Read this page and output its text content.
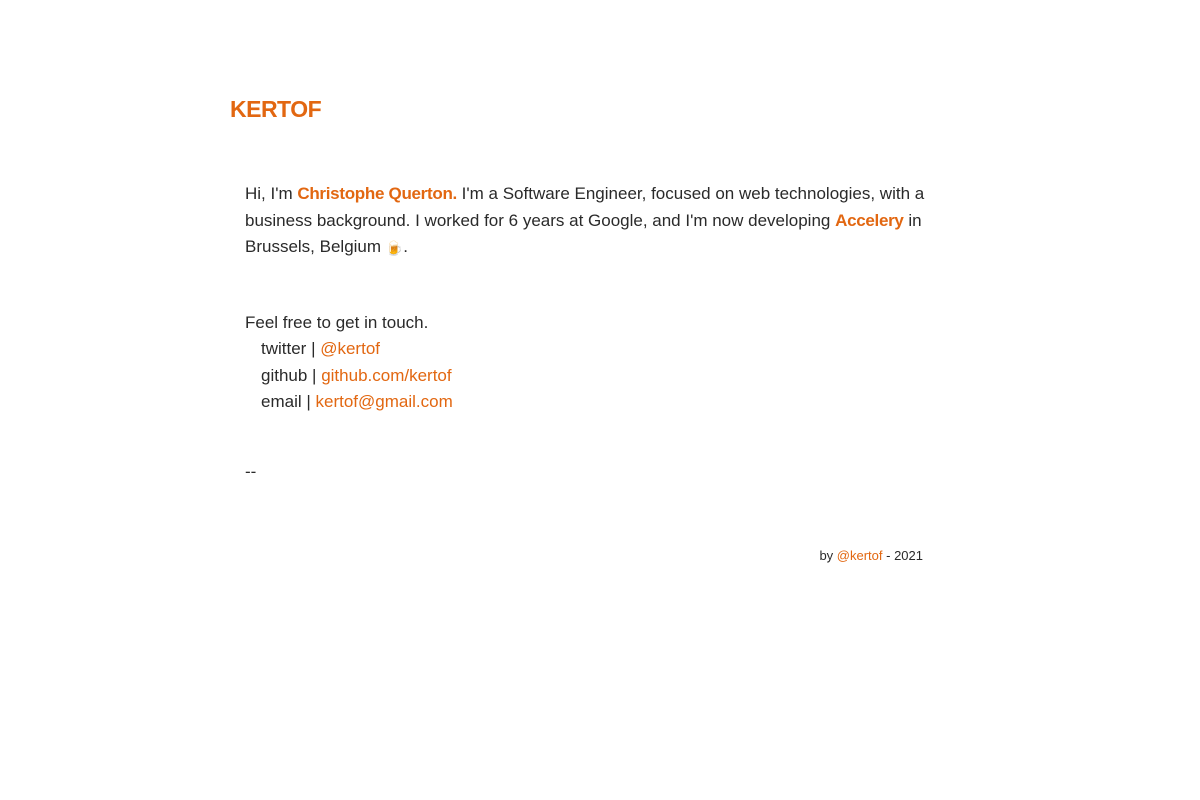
KERTOF

Hi, I'm Christophe Querton. I'm a Software Engineer, focused on web technologies, with a business background. I worked for 6 years at Google, and I'm now developing Accelery in Brussels, Belgium 🍺.

Feel free to get in touch.

twitter | @kertof
github | github.com/kertof
email | kertof@gmail.com

--

by @kertof - 2021
